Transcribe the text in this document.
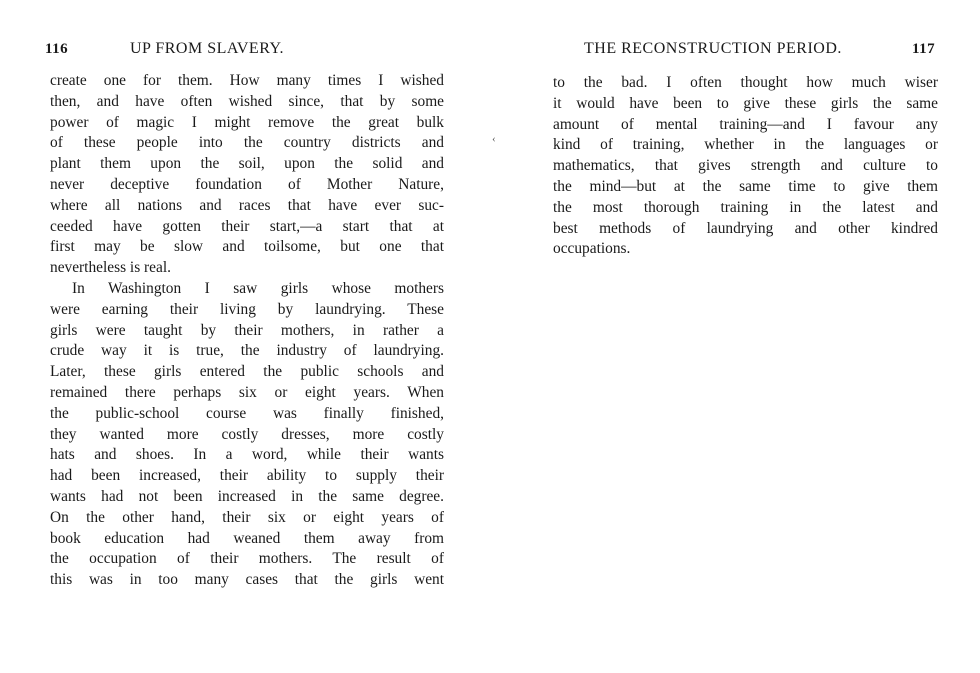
116	UP FROM SLAVERY.
create one for them. How many times I wished
then, and have often wished since, that by some
power of magic I might remove the great bulk
of these people into the country districts and
plant them upon the soil, upon the solid and
never deceptive foundation of Mother Nature,
where all nations and races that have ever suc-
ceeded have gotten their start,—a start that at
first may be slow and toilsome, but one that
nevertheless is real.
In Washington I saw girls whose mothers
were earning their living by laundrying. These
girls were taught by their mothers, in rather a
crude way it is true, the industry of laundrying.
Later, these girls entered the public schools and
remained there perhaps six or eight years. When
the public-school course was finally finished,
they wanted more costly dresses, more costly
hats and shoes. In a word, while their wants
had been increased, their ability to supply their
wants had not been increased in the same degree.
On the other hand, their six or eight years of
book education had weaned them away from
the occupation of their mothers. The result of
this was in too many cases that the girls went
THE RECONSTRUCTION PERIOD.	117
to the bad. I often thought how much wiser
it would have been to give these girls the same
amount of mental training—and I favour any
kind of training, whether in the languages or
mathematics, that gives strength and culture to
the mind—but at the same time to give them
the most thorough training in the latest and
best methods of laundrying and other kindred
occupations.
‹
